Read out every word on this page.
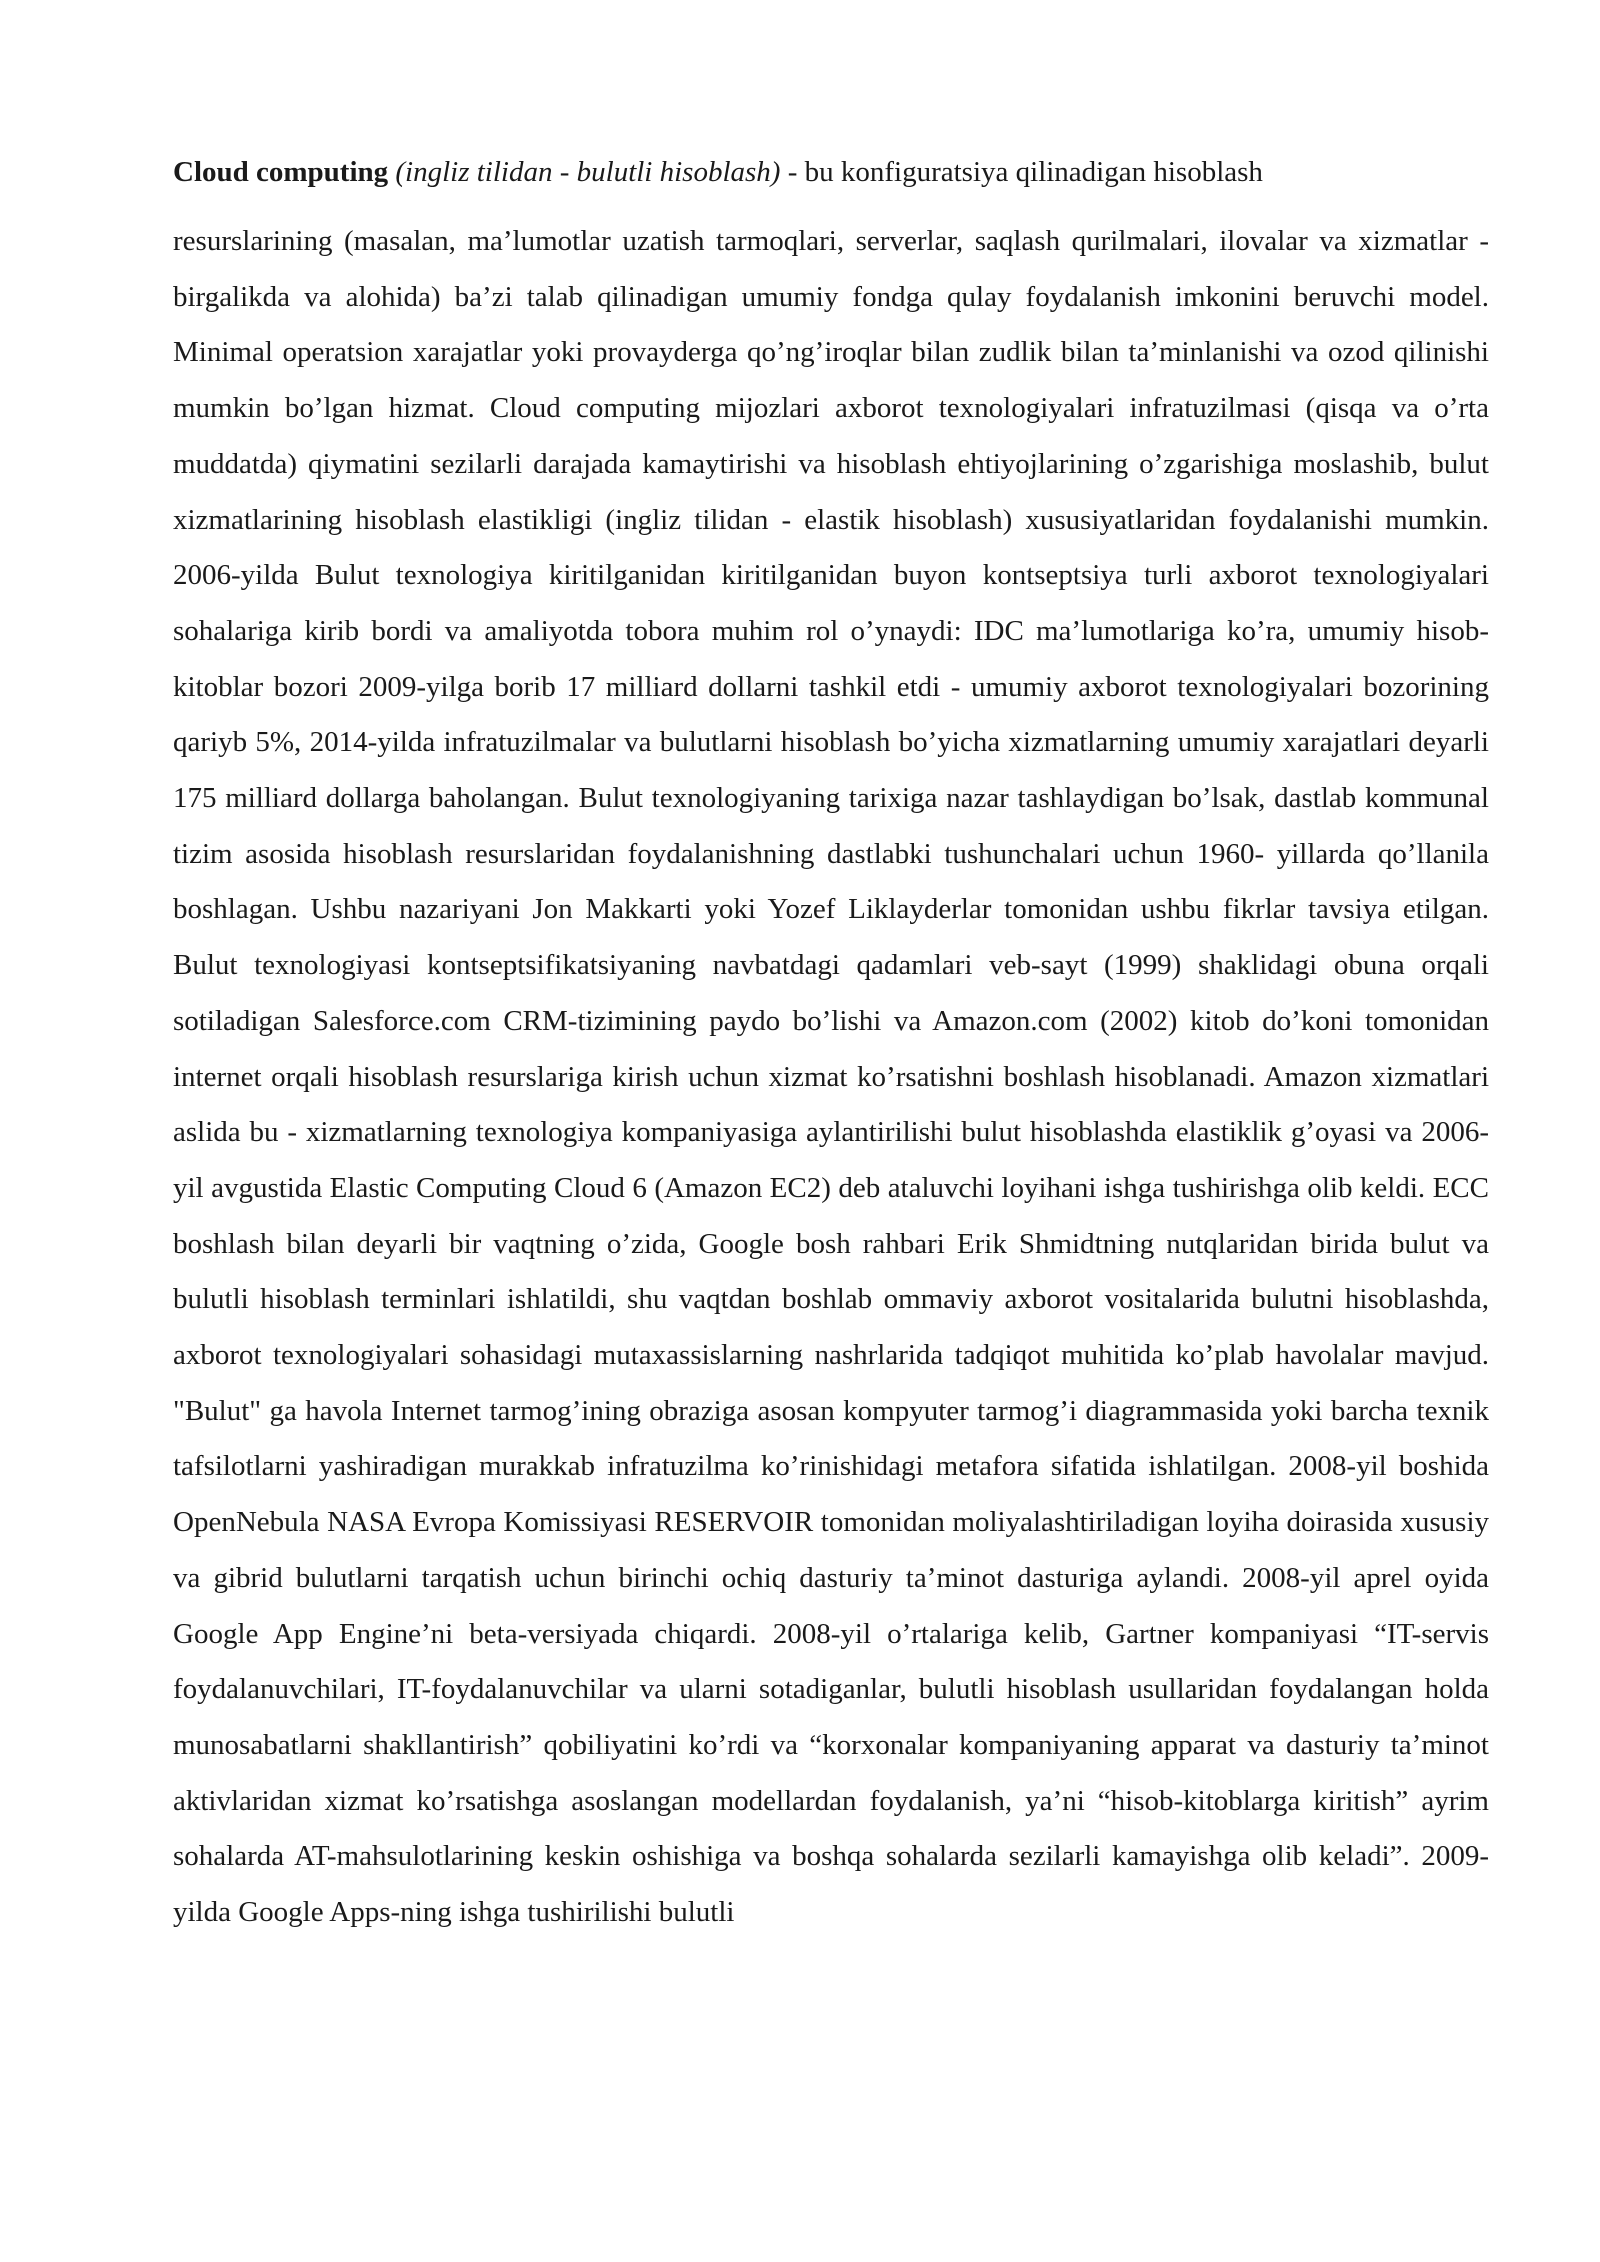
Cloud computing (ingliz tilidan - bulutli hisoblash) - bu konfiguratsiya qilinadigan hisoblash

resurslarining (masalan, ma’lumotlar uzatish tarmoqlari, serverlar, saqlash qurilmalari, ilovalar va xizmatlar - birgalikda va alohida) ba’zi talab qilinadigan umumiy fondga qulay foydalanish imkonini beruvchi model. Minimal operatsion xarajatlar yoki provayderga qo’ng’iroqlar bilan zudlik bilan ta’minlanishi va ozod qilinishi mumkin bo’lgan hizmat. Cloud computing mijozlari axborot texnologiyalari infratuzilmasi (qisqa va o’rta muddatda) qiymatini sezilarli darajada kamaytirishi va hisoblash ehtiyojlarining o’zgarishiga moslashib, bulut xizmatlarining hisoblash elastikligi (ingliz tilidan - elastik hisoblash) xususiyatlaridan foydalanishi mumkin. 2006-yilda Bulut texnologiya kiritilganidan kiritilganidan buyon kontseptsiya turli axborot texnologiyalari sohalariga kirib bordi va amaliyotda tobora muhim rol o’ynaydi: IDC ma’lumotlariga ko’ra, umumiy hisob-kitoblar bozori 2009-yilga borib 17 milliard dollarni tashkil etdi - umumiy axborot texnologiyalari bozorining qariyb 5%, 2014-yilda infratuzilmalar va bulutlarni hisoblash bo’yicha xizmatlarning umumiy xarajatlari deyarli 175 milliard dollarga baholangan. Bulut texnologiyaning tarixiga nazar tashlaydigan bo’lsak, dastlab kommunal tizim asosida hisoblash resurslaridan foydalanishning dastlabki tushunchalari uchun 1960- yillarda qo’llanila boshlagan. Ushbu nazariyani Jon Makkarti yoki Yozef Liklayderlar tomonidan ushbu fikrlar tavsiya etilgan. Bulut texnologiyasi kontseptsifikatsiyaning navbatdagi qadamlari veb-sayt (1999) shaklidagi obuna orqali sotiladigan Salesforce.com CRM-tizimining paydo bo’lishi va Amazon.com (2002) kitob do’koni tomonidan internet orqali hisoblash resurslariga kirish uchun xizmat ko’rsatishni boshlash hisoblanadi. Amazon xizmatlari aslida bu - xizmatlarning texnologiya kompaniyasiga aylantirilishi bulut hisoblashda elastiklik g’oyasi va 2006-yil avgustida Elastic Computing Cloud 6 (Amazon EC2) deb ataluvchi loyihani ishga tushirishga olib keldi. ECC boshlash bilan deyarli bir vaqtning o’zida, Google bosh rahbari Erik Shmidtning nutqlaridan birida bulut va bulutli hisoblash terminlari ishlatildi, shu vaqtdan boshlab ommaviy axborot vositalarida bulutni hisoblashda, axborot texnologiyalari sohasidagi mutaxassislarning nashrlarida tadqiqot muhitida ko’plab havolalar mavjud. "Bulut" ga havola Internet tarmog’ining obraziga asosan kompyuter tarmog’i diagrammasida yoki barcha texnik tafsilotlarni yashiradigan murakkab infratuzilma ko’rinishidagi metafora sifatida ishlatilgan. 2008-yil boshida OpenNebula NASA Evropa Komissiyasi RESERVOIR tomonidan moliyalashtiriladigan loyiha doirasida xususiy va gibrid bulutlarni tarqatish uchun birinchi ochiq dasturiy ta’minot dasturiga aylandi. 2008-yil aprel oyida Google App Engine’ni beta-versiyada chiqardi. 2008-yil o’rtalariga kelib, Gartner kompaniyasi “IT-servis foydalanuvchilari, IT-foydalanuvchilar va ularni sotadiganlar, bulutli hisoblash usullaridan foydalangan holda munosabatlarni shakllantirish” qobiliyatini ko’rdi va “korxonalar kompaniyaning apparat va dasturiy ta’minot aktivlaridan xizmat ko’rsatishga asoslangan modellardan foydalanish, ya’ni “hisob-kitoblarga kiritish” ayrim sohalarda AT-mahsulotlarining keskin oshishiga va boshqa sohalarda sezilarli kamayishga olib keladi”. 2009-yilda Google Apps-ning ishga tushirilishi bulutli
